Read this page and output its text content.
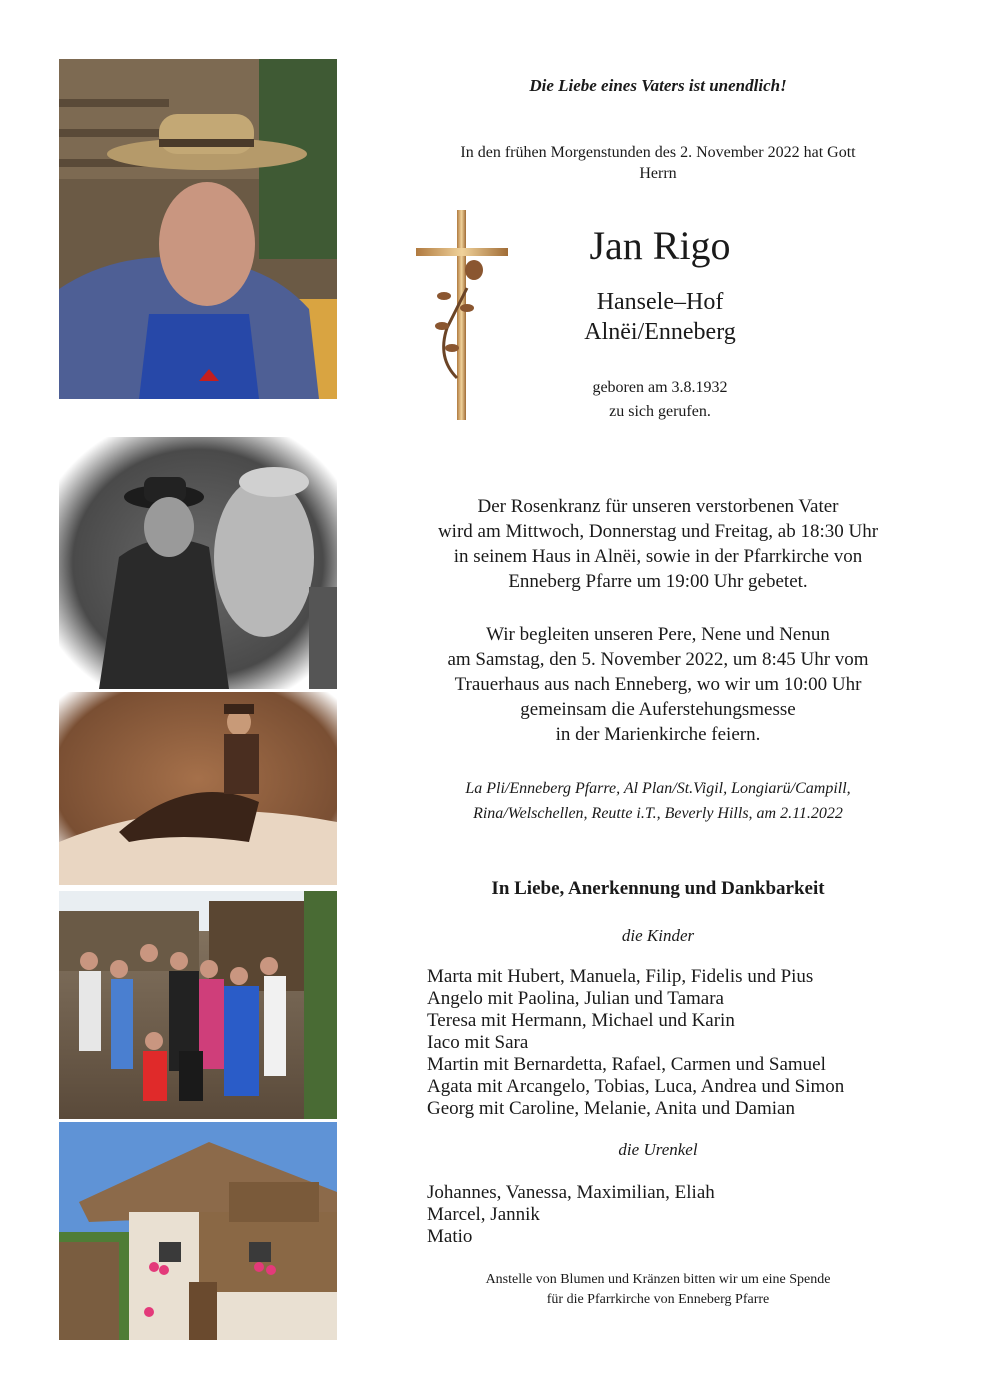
Die Liebe eines Vaters ist unendlich!
In den frühen Morgenstunden des 2. November 2022 hat Gott
Herrn
Jan Rigo
Hansele–Hof
Alnëi/Enneberg
geboren am 3.8.1932
zu sich gerufen.
Der Rosenkranz für unseren verstorbenen Vater
wird am Mittwoch, Donnerstag und Freitag, ab 18:30 Uhr
in seinem Haus in Alnëi, sowie in der Pfarrkirche von
Enneberg Pfarre um 19:00 Uhr gebetet.
Wir begleiten unseren Pere, Nene und Nenun
am Samstag, den 5. November 2022, um 8:45 Uhr vom
Trauerhaus aus nach Enneberg, wo wir um 10:00 Uhr
gemeinsam die Auferstehungsmesse
in der Marienkirche feiern.
La Pli/Enneberg Pfarre, Al Plan/St.Vigil, Longiarü/Campill,
Rina/Welschellen, Reutte i.T., Beverly Hills, am 2.11.2022
In Liebe, Anerkennung und Dankbarkeit
die Kinder
Marta mit Hubert, Manuela, Filip, Fidelis und Pius
Angelo mit Paolina, Julian und Tamara
Teresa mit Hermann, Michael und Karin
Iaco mit Sara
Martin mit Bernardetta, Rafael, Carmen und Samuel
Agata mit Arcangelo, Tobias, Luca, Andrea und Simon
Georg mit Caroline, Melanie, Anita und Damian
die Urenkel
Johannes, Vanessa, Maximilian, Eliah
Marcel, Jannik
Matio
Anstelle von Blumen und Kränzen bitten wir um eine Spende
für die Pfarrkirche von Enneberg Pfarre
